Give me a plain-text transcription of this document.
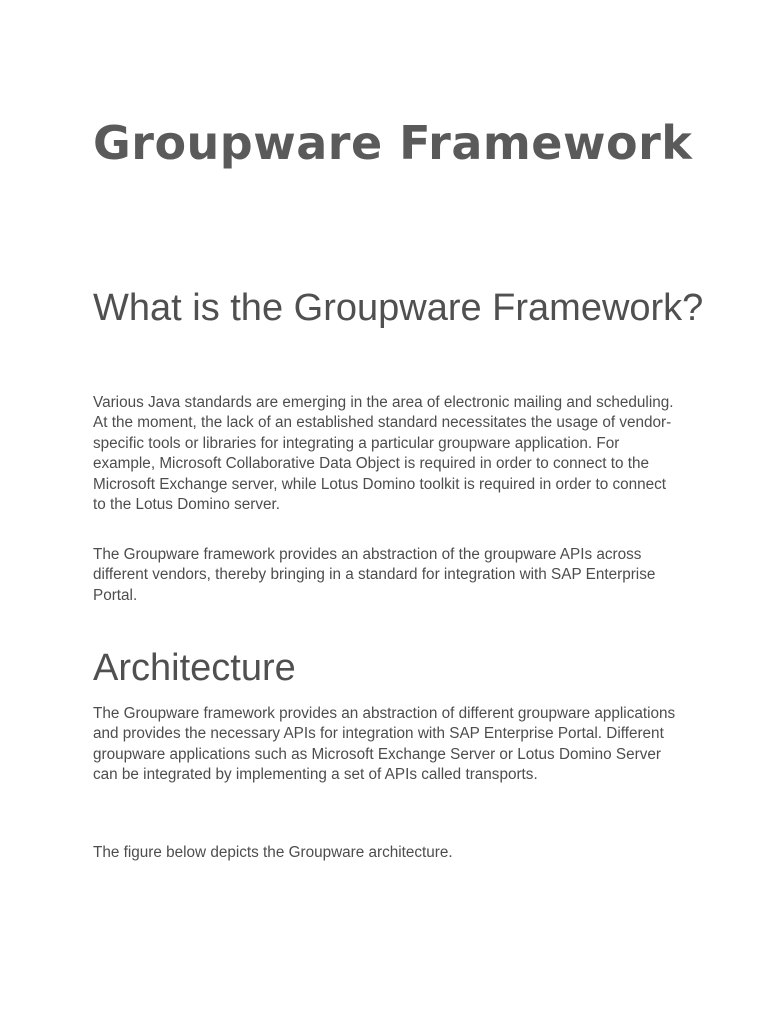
Groupware Framework
What is the Groupware Framework?

Various Java standards are emerging in the area of electronic mailing and scheduling. At the moment, the lack of an established standard necessitates the usage of vendor-specific tools or libraries for integrating a particular groupware application. For example, Microsoft Collaborative Data Object is required in order to connect to the Microsoft Exchange server, while Lotus Domino toolkit is required in order to connect to the Lotus Domino server.

The Groupware framework provides an abstraction of the groupware APIs across different vendors, thereby bringing in a standard for integration with SAP Enterprise Portal.

Architecture

The Groupware framework provides an abstraction of different groupware applications and provides the necessary APIs for integration with SAP Enterprise Portal. Different groupware applications such as Microsoft Exchange Server or Lotus Domino Server can be integrated by implementing a set of APIs called transports.

The figure below depicts the Groupware architecture.
